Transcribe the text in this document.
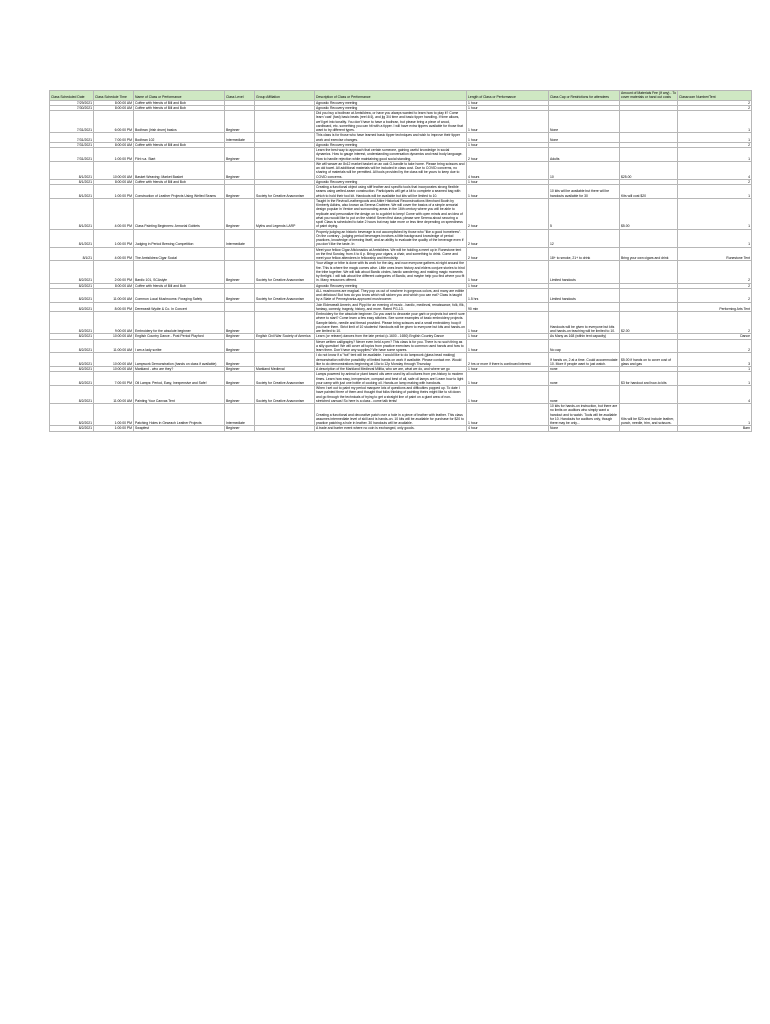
Class Scheduled Date	Class Schedule Time	Name of Class or Performance	Class Level	Group Affiliation	Description of Class or Performance	Length of Class or Performance	Class Cap or Restrictions for attendees	Amount of Materials Fee (If any) - To cover materials or hand out costs	Classroom Number/Tent
7/29/2021	8:00:00 AM	Coffee with friends of Bill and Bob			Agnostic Recovery meeting	1 hour			2
7/30/2021	8:00:00 AM	Coffee with friends of Bill and Bob			Agnostic Recovery meeting	1 hour			2
7/31/2021	6:00:00 PM	Bodhran (Irish drum) basics	Beginner		Did you buy a bodhran at Amtsildrea, or have you always wanted to learn how to play it? Come learn 'cast' (fast) basic beats (reel 4/4), and jig 3/4 time and basic tipper handling. If time allows, we'll get into tonality. You don't have to have a bodhran, but please bring a piece of wood, cardboard, etc. something you can hit with a tipper. I will have extra tippers available for those that want to try different types.	1 hour	None		1
7/31/2021	7:00:00 PM	Bodhran 102	Intermediate		This class is for those who have learned basic tipper techniques and wish to improve their tipper work and exercise changes.	1 hour	None		1
7/31/2021	8:00:00 AM	Coffee with friends of Bill and Bob			Agnostic Recovery meeting	1 hour			2
7/31/2021	1:00:00 PM	Flirt n.a. Start	Beginner		Learn the best way to approach that certain someone, gaining useful knowledge in social dynamics. How to gauge interest, understanding conversation dynamics and read body language. How to handle rejection while maintaining good social standing.	2 hour	Adults		1
8/1/2021	10:00:00 AM	Basket Weaving: Market Basket	Beginner		We will weave an 8x12 market basket on an oak G-handle to take home. Please bring scissors and an old towel. All additional materials will be included in class cost. Due to COVID concerns, no sharing of materials will be permitted. All tools provided by the class will be yours to keep due to COVID concerns.	4 hours	10	$25.00	4
8/1/2021	8:00:00 AM	Coffee with friends of Bill and Bob			Agnostic Recovery meeting	1 hour			2
8/1/2021	1:00:00 PM	Construction of Leather Projects Using Welted Seams	Beginner	Society for Creative Anacronism	Creating a functional object using stiff leather and specific tools that incorporates strong flexible seams using welted-seam construction. Participants will get a kit to complete a seamed bag with which to hold their tool kit. Handouts will be available but kits will be limited to 10.	1 hour	10 kits will be available but there will be handouts available for 30	Kits will cost $20	1
8/1/2021	4:00:00 PM	Class Painting Beginners: Armorial Goblets	Beginner	Myths and Legends LARP	Taught in the Revival Leathergoods and Attire Historical Reconstructions Merchant Booth by Kimberly Adkins, also known as Serena Crabtree. We will cover the basics of a simple armorial design popular in Venice and surrounding areas in the 16th century where you will be able to replicate and personalize the design on to a goblet to keep! Come with open minds and an idea of what you would like to put on the shield! Seven first class; please see Serena about securing a spot! Class is scheduled to take 2 hours but may take more or less time depending on speediness of paint drying.	2 hour	5	$5.00	1
8/1/2021	1:00:00 PM	Judging in Period Brewing Competition	Intermediate		Properly judging an historic beverage is not accomplished by those who "like a good homebrew". On the contrary - judging period beverages involves a little background knowledge of period practices, knowledge of brewing itself, and an ability to evaluate the quality of the beverage even if you don't like the taste. In	2 hour	12		1
8/1/21	4:00:00 PM	The Amtsildrea Cigar Social			Meet your fellow Cigar Aficionados at Amtsildrea. We will be holding a meet up in Runestone tent on the first Sunday, from 4 to 6 p. Bring your cigars, a chair, and something to drink. Come and meet your fellow attendees in fellowship and friendship	2 hour	18+ to smoke, 21+ to drink	Bring your own cigars and drink	Runestone Tent
8/2/2021	2:00:00 PM	Bardic 101, SCAstyle	Beginner	Society for Creative Anacronism	Your village or tribe is done with its work for the day, and now everyone gathers at night around the fire. This is where the magic comes alive. Little ones learn history and elders conjure stories to bind the tribe together. We will talk about Bardic circles, bardic wandering, and making magic moments by firelight. I will talk about the different categories of Bardic, and maybe help you find where you fit in. Many resources offered.	1 hour	Limited handouts		2
8/2/2021	8:00:00 AM	Coffee with friends of Bill and Bob			Agnostic Recovery meeting	1 hour			2
8/2/2021	11:00:00 AM	Common Local Mushrooms: Foraging Safely	Beginner	Society for Creative Anacronism	ALL mushrooms are magical. They pop us out of nowhere in gorgeous colors, and many are edible and delicious! But how do you know which will sicken you and which you can eat? Class is taught by a State of Pennsylvania-approved mushroomer.	1.5 hrs	Limited handouts		2
8/2/2021	8:00:00 PM	Derewealt Wydte & Co. In Concert			Join Elderwealt Amrein, and Pippi for an evening of music - bardic, medieval, renaissance, folk, filk, fantasy, comedy, tragedy, history, and more. Rated PG-13.	90 min			Performing Arts Tent
8/2/2021	9:00:00 AM	Embroidery for the absolute beginner	Beginner		Embroidery for the absolute beginner. Do you want to decorate your garb or projects but aren't sure where to start? Come learn a few easy stitches. See some examples of basic embroidery projects. Sample fabric, needle and thread provided. Please bring scissors and a small embroidery hoop if you have them. Strict limit of 10 students! Handouts will be given to everyone but kits and hands-on are limited to 10.	1 hour	Handouts will be given to everyone but kits and hands-on teaching will be limited to 10.	$2.00	2
8/2/2021	10:00:00 AM	English Country Dance - Post Period Playford	Beginner	English Civil War Society of America	Learn (or relearn) dances from the late period (c.1600 - 1650) English Country Dance	1 hour	As Many as 168 (within tent capacity)		Dance
8/2/2021	11:00:00 AM	I am a lady scribe	Beginner		Never written calligraphy? Never even held a pen? This class is for you. There is no such thing as a silly question! We will cover all topics from practice exercises to common used hands and how to learn them. Don't have any supplies? We have some spares.	1 hour	No cap		2
8/2/2021	10:00:00 AM	Lampwork Demonstration (hands on class if available)	Beginner		I do not know if a "hot" tent will be available. I would like to do lampwork (glass bead making) demonstration with the possibility of limited hands on work if available. Please contact me. Would like to do demonstrations beginning at 10a to 12p Monday through Thursday.	2 hrs or more if there is continued interest	If hands on, 2 at a time. Could accommodate 10. More if people want to just watch.	$5.00 if hands on to cover cost of glass and gas	3
8/2/2021	10:00:00 AM	Markland - who are they?	Beginner	Markland Medieval	A description of the Markland Medieval Militia, who we are, what we do, and where we go	1 hour	none		1
8/2/2021	7:00:00 PM	Oil Lamps: Period, Easy, Inexpensive and Safe!	Beginner	Society for Creative Anacronism	Lamps powered by animal or plant based oils were used by all cultures from pre-history to modern times. Learn how easy, inexpensive, compact and best of all, safe oil lamps are! Learn how to light your camp with just one bottle of cooking oil. Hands-on lamp making with handouts.	1 hour	none	$3 for handout and how-to kits	1
8/2/2021	11:00:00 AM	Painting Your Canvas Tent	Beginner	Society for Creative Anacronism	When I set out to paint my period marquee lots of questions and difficulties popped up. To date I have painted three of them and thought that folks thinking of painting theirs might like to sit down and go through the technicals of trying to get a straight line of paint on a giant area of non-stretched canvas! So here is a class - come talk tents!	1 hour	none		4
8/2/2021	1:00:00 PM	Patching Holes in Gewrach Leather Projects	Intermediate		Creating a functional and decorative patch over a hole in a piece of leather with leather. This class assumes intermediate level of skill and is hands-on. 10 kits will be available for purchase for $20 to practice patching a hole in leather. 30 handouts will be available.	1 hour	10 kits for hands-on instruction, but there are no limits on auditors who simply want a handout and to watch. Tools will be available for 10. Handouts for auditors only, though there may be only...	Kits will be $20 and include leather, punch, needle, trim, and scissors.	1
8/2/2021	1:00:00 PM	Swapfest	Beginner		A trade and barter event where no coin is exchanged, only goods.	4 hour	None		Barn
